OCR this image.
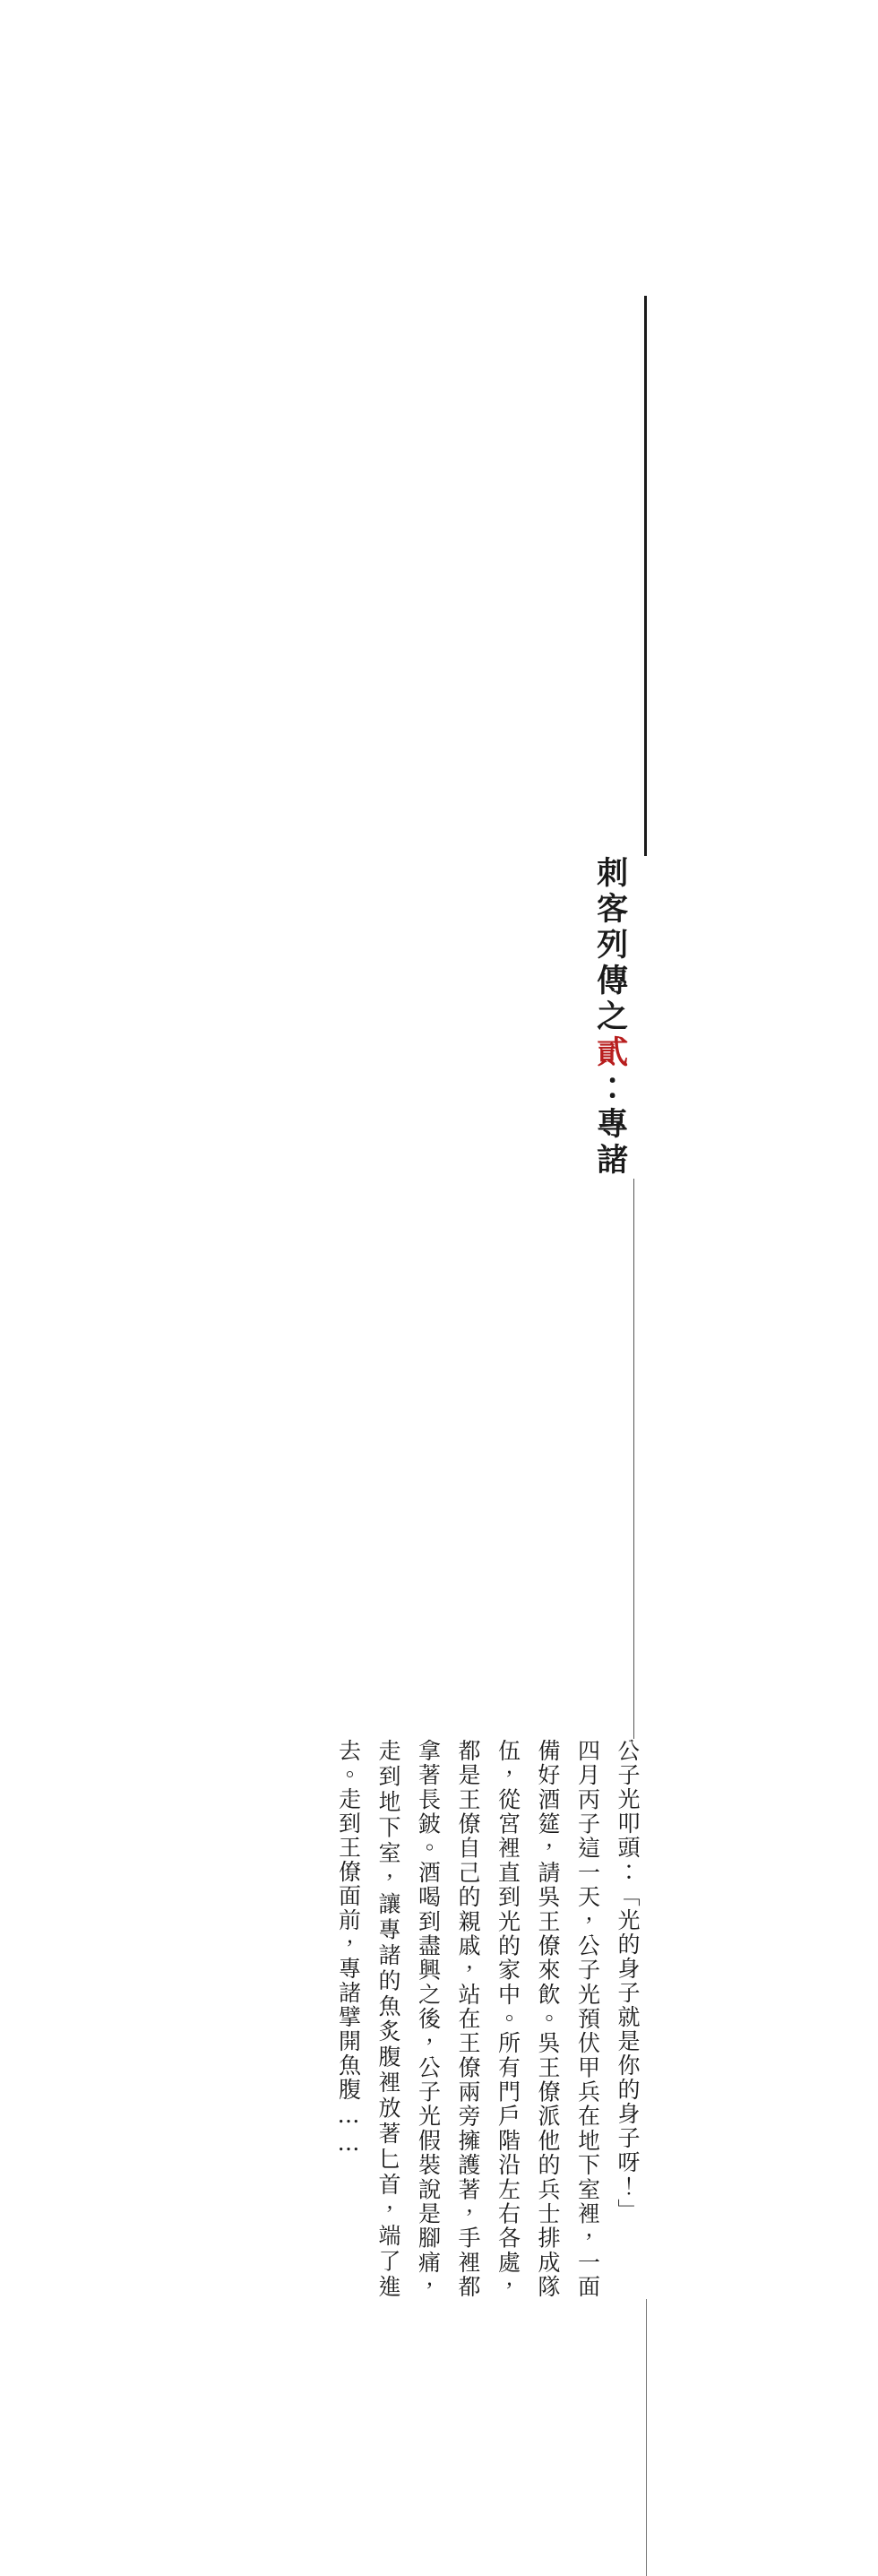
刺客列傳之貳：專諸

公子光叩頭：「光的身子就是你的身子呀！」

四月丙子這一天，公子光預伏甲兵在地下室裡，一面備好酒筵，請吳王僚來飲。吳王僚派他的兵士排成隊伍，從宮裡直到光的家中。所有門戶階沿左右各處，都是王僚自己的親戚，站在王僚兩旁擁護著，手裡都拿著長鈹。酒喝到盡興之後，公子光假裝說是腳痛，走到地下室，讓專諸的魚炙腹裡放著匕首，端了進去。走到王僚面前，專諸擘開魚腹……
